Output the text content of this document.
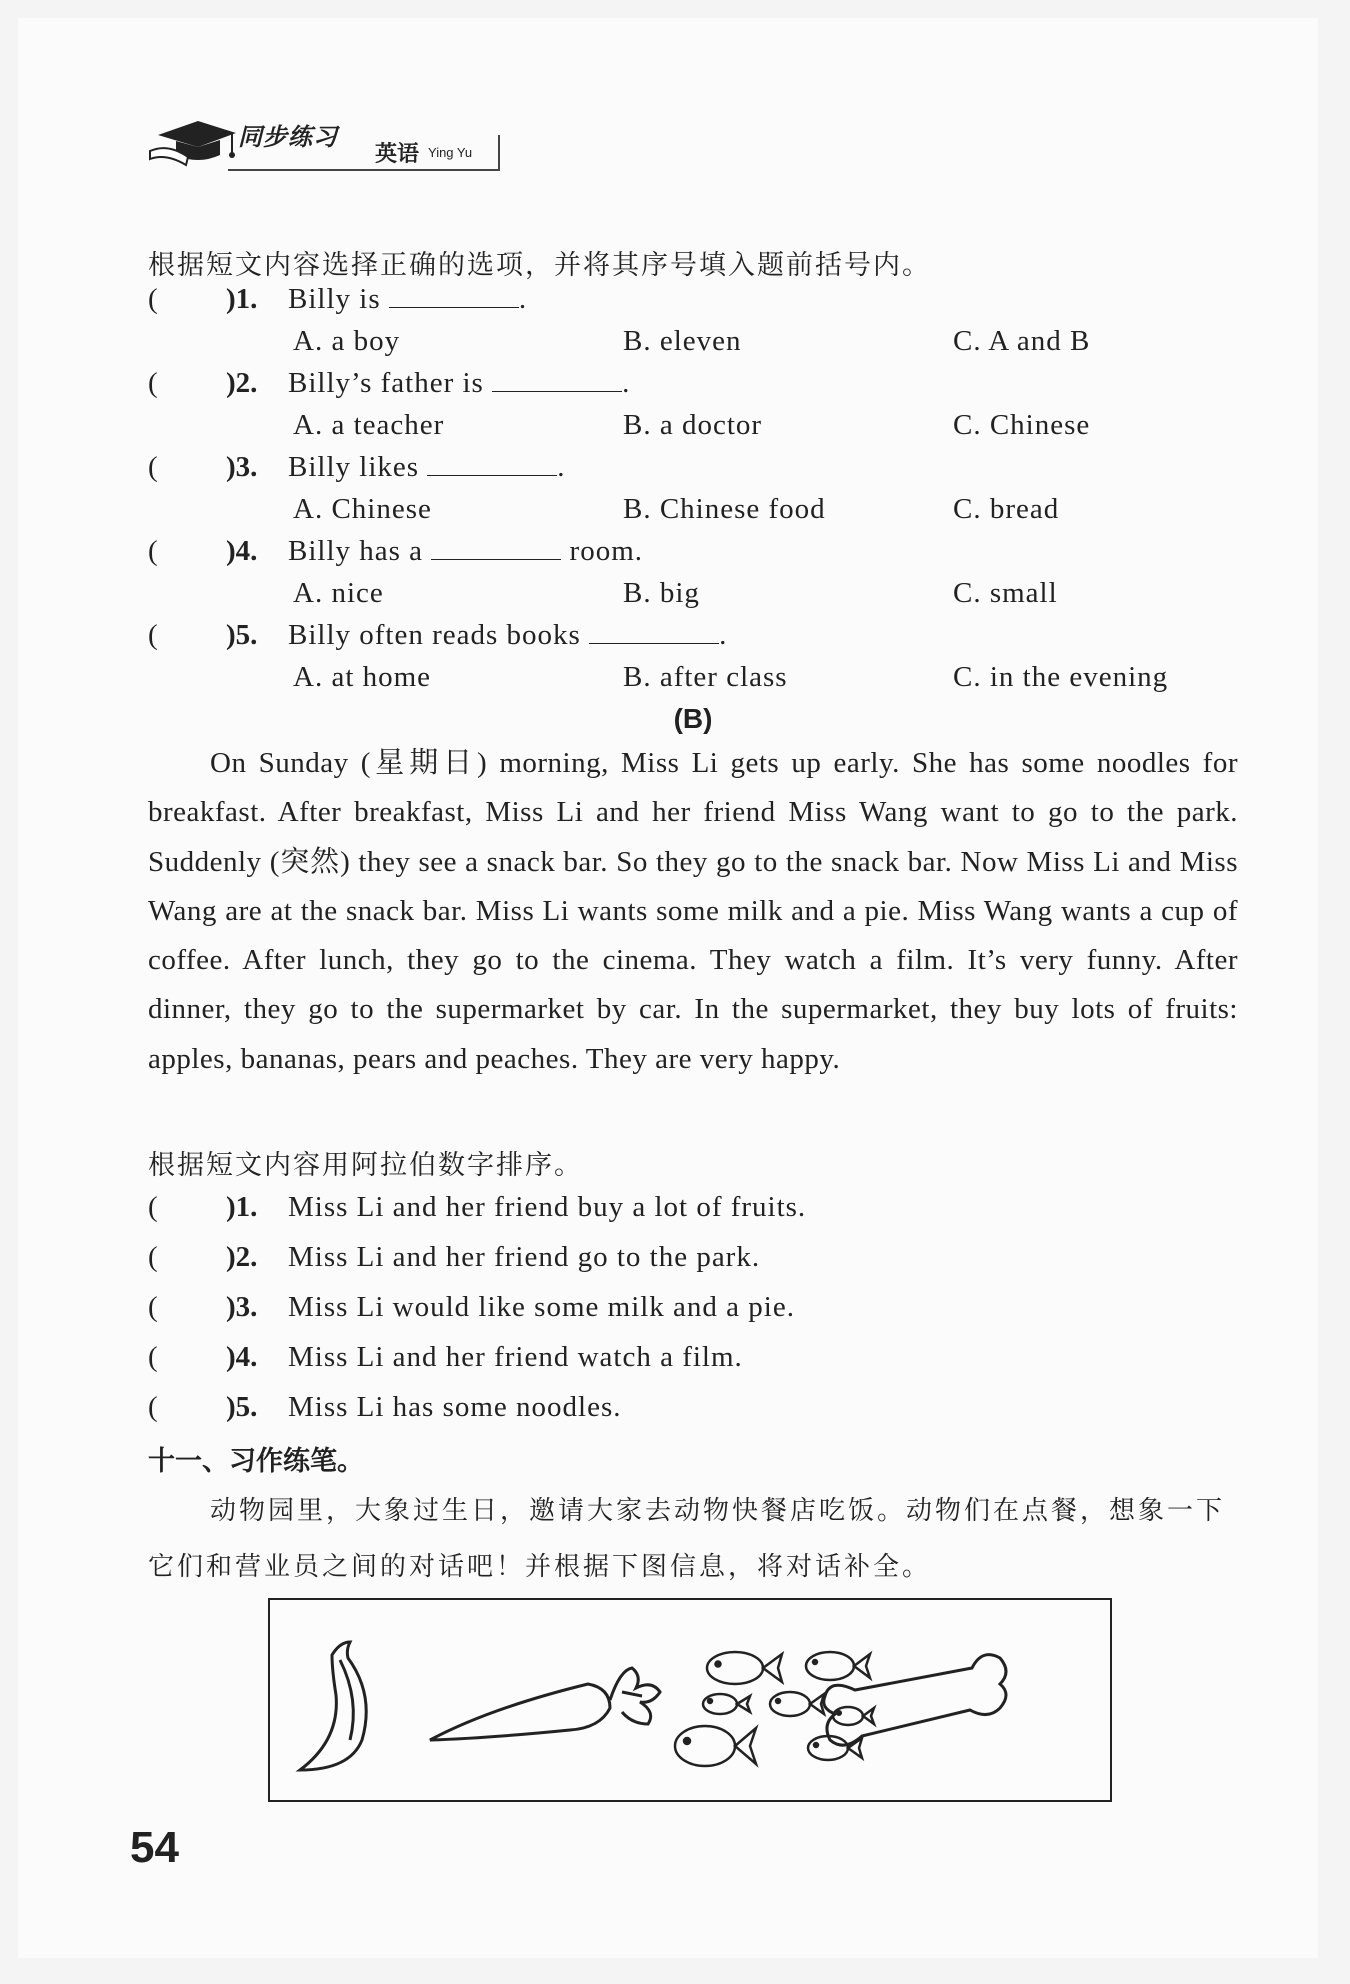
同步练习
英语 Ying Yu
根据短文内容选择正确的选项，并将其序号填入题前括号内。
( )1. Billy is	.
A. a boy	B. eleven	C. A and B
( )2. Billy’s father is	.
A. a teacher	B. a doctor	C. Chinese
( )3. Billy likes	.
A. Chinese	B. Chinese food	C. bread
( )4. Billy has a	room.
A. nice	B. big	C. small
( )5. Billy often reads books	.
A. at home	B. after class	C. in the evening
(B)
On Sunday (星期日) morning, Miss Li gets up early. She has some noodles for breakfast. After breakfast, Miss Li and her friend Miss Wang want to go to the park. Suddenly (突然) they see a snack bar. So they go to the snack bar. Now Miss Li and Miss Wang are at the snack bar. Miss Li wants some milk and a pie. Miss Wang wants a cup of coffee. After lunch, they go to the cinema. They watch a film. It’s very funny. After dinner, they go to the supermarket by car. In the supermarket, they buy lots of fruits: apples, bananas, pears and peaches. They are very happy.
根据短文内容用阿拉伯数字排序。
( )1. Miss Li and her friend buy a lot of fruits.
( )2. Miss Li and her friend go to the park.
( )3. Miss Li would like some milk and a pie.
( )4. Miss Li and her friend watch a film.
( )5. Miss Li has some noodles.
十一、习作练笔。
动物园里，大象过生日，邀请大家去动物快餐店吃饭。动物们在点餐，想象一下它们和营业员之间的对话吧！并根据下图信息，将对话补全。
54
